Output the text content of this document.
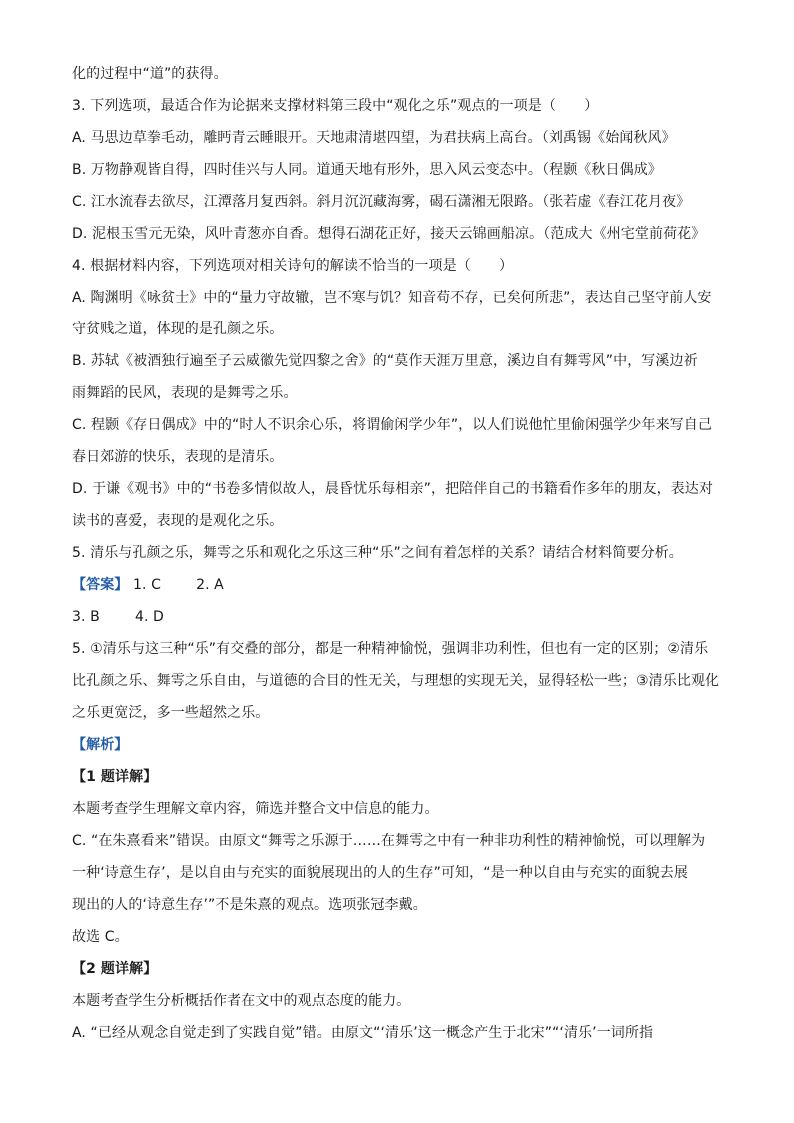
化的过程中“道”的获得。
3. 下列选项，最适合作为论据来支撑材料第三段中“观化之乐”观点的一项是（　　）
A. 马思边草拳毛动，雕眄青云睡眼开。天地肃清堪四望，为君扶病上高台。（刘禹锡《始闻秋风》
B. 万物静观皆自得，四时佳兴与人同。道通天地有形外，思入风云变态中。（程颢《秋日偶成》
C. 江水流春去欲尽，江潭落月复西斜。斜月沉沉藏海雾，碣石潇湘无限路。（张若虚《春江花月夜》
D. 泥根玉雪元无染，风叶青葱亦自香。想得石湖花正好，接天云锦画船凉。（范成大《州宅堂前荷花》
4. 根据材料内容，下列选项对相关诗句的解读不恰当的一项是（　　）
A. 陶渊明《咏贫士》中的“量力守故辙，岂不寒与饥？知音苟不存，已矣何所悲”，表达自己坚守前人安
守贫贱之道，体现的是孔颜之乐。
B. 苏轼《被酒独行遍至子云威徽先觉四黎之舍》的“莫作天涯万里意，溪边自有舞雩风”中，写溪边祈
雨舞蹈的民风，表现的是舞雩之乐。
C. 程颢《存日偶成》中的“时人不识余心乐，将谓偷闲学少年”，以人们说他忙里偷闲强学少年来写自己
春日郊游的快乐，表现的是清乐。
D. 于谦《观书》中的“书卷多情似故人，晨昏忧乐每相亲”，把陪伴自己的书籍看作多年的朋友，表达对
读书的喜爱，表现的是观化之乐。
5. 清乐与孔颜之乐，舞雩之乐和观化之乐这三种“乐”之间有着怎样的关系？请结合材料简要分析。
【答案】 1. C	2. A
3. B	4. D
5. ①清乐与这三种“乐”有交叠的部分，都是一种精神愉悦，强调非功利性，但也有一定的区别；②清乐
比孔颜之乐、舞雩之乐自由，与道德的合目的性无关，与理想的实现无关，显得轻松一些；③清乐比观化
之乐更宽泛，多一些超然之乐。
【解析】
【1 题详解】
本题考查学生理解文章内容，筛选并整合文中信息的能力。
C. “在朱熹看来”错误。由原文“舞雩之乐源于……在舞雩之中有一种非功利性的精神愉悦，可以理解为
一种‘诗意生存’，是以自由与充实的面貌展现出的人的生存”可知，“是一种以自由与充实的面貌去展
现出的人的‘诗意生存’”不是朱熹的观点。选项张冠李戴。
故选 C。
【2 题详解】
本题考查学生分析概括作者在文中的观点态度的能力。
A. “已经从观念自觉走到了实践自觉”错。由原文“‘清乐’这一概念产生于北宋”“‘清乐’一词所指
